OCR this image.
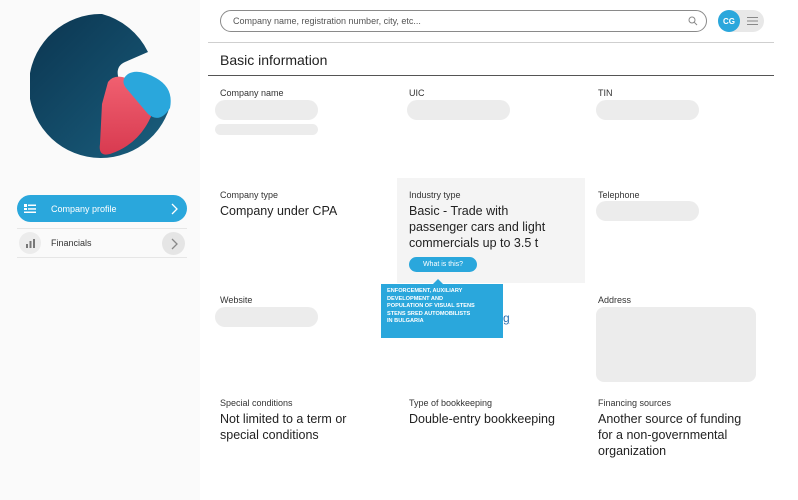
Company profile
Financials
Company name, registration number, city, etc...
CG
Basic information
Company name	UIC	TIN
Company type
Company under CPA
Industry type
Basic - Trade with
passenger cars and light
commercials up to 3.5 t
What is this?
Telephone
Website
g
Address
ENFORCEMENT, AUXILIARY
DEVELOPMENT AND
POPULATION OF VISUAL STENS
STENS SRED AUTOMOBILISTS
IN BULGARIA
Special conditions
Not limited to a term or
special conditions
Type of bookkeeping
Double-entry bookkeeping
Financing sources
Another source of funding
for a non-governmental
organization
